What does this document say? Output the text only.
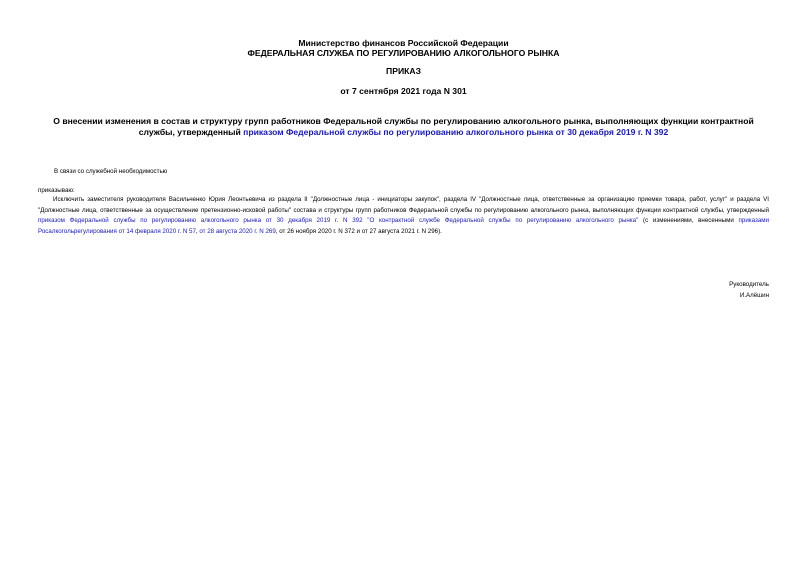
Министерство финансов Российской Федерации
ФЕДЕРАЛЬНАЯ СЛУЖБА ПО РЕГУЛИРОВАНИЮ АЛКОГОЛЬНОГО РЫНКА
ПРИКАЗ
от 7 сентября 2021 года N 301
О внесении изменения в состав и структуру групп работников Федеральной службы по регулированию алкогольного рынка, выполняющих функции контрактной службы, утвержденный приказом Федеральной службы по регулированию алкогольного рынка от 30 декабря 2019 г. N 392
В связи со служебной необходимостью
приказываю:
Исключить заместителя руководителя Васильченко Юрия Леонтьевича из раздела II "Должностные лица - инициаторы закупок", раздела IV "Должностные лица, ответственные за организацию приемки товара, работ, услуг" и раздела VI "Должностные лица, ответственные за осуществление претензионно-исковой работы" состава и структуры групп работников Федеральной службы по регулированию алкогольного рынка, выполняющих функции контрактной службы, утвержденный приказом Федеральной службы по регулированию алкогольного рынка от 30 декабря 2019 г. N 392 "О контрактной службе Федеральной службы по регулированию алкогольного рынка" (с изменениями, внесенными приказами Росалкогольрегулирования от 14 февраля 2020 г. N 57, от 28 августа 2020 г. N 269, от 26 ноября 2020 г. N 372 и от 27 августа 2021 г. N 296).
Руководитель
И.Алёшин
